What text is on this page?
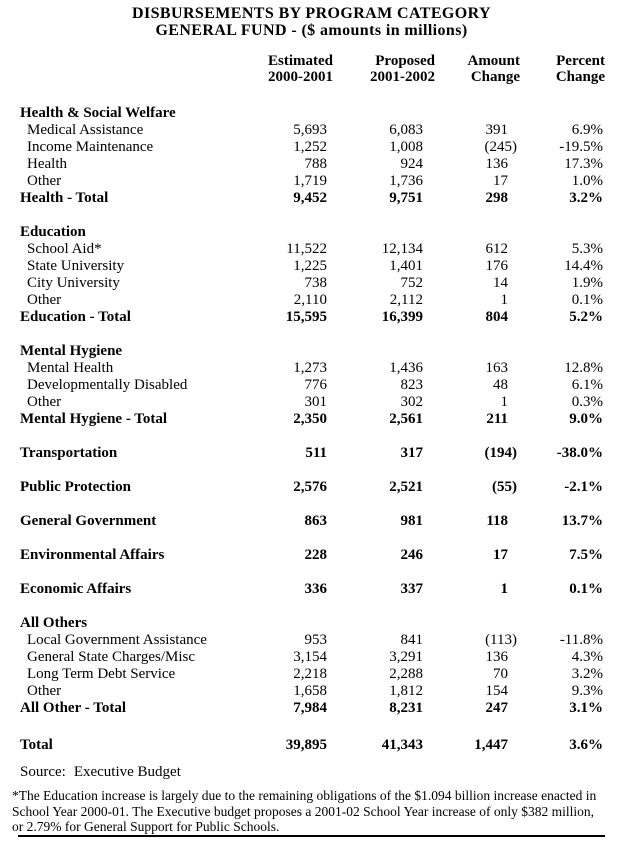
DISBURSEMENTS BY PROGRAM CATEGORY
GENERAL FUND - ($ amounts in millions)

Estimated
2000-2001

Proposed
2001-2002

Amount
Change

Percent
Change

Health & Social Welfare				
Medical Assistance	5,693	6,083	391	6.9%
Income Maintenance	1,252	1,008	(245)	-19.5%
Health	788	924	136	17.3%
Other	1,719	1,736	17	1.0%
Health - Total	9,452	9,751	298	3.2%

Education				
School Aid*	11,522	12,134	612	5.3%
State University	1,225	1,401	176	14.4%
City University	738	752	14	1.9%
Other	2,110	2,112	1	0.1%
Education - Total	15,595	16,399	804	5.2%

Mental Hygiene				
Mental Health	1,273	1,436	163	12.8%
Developmentally Disabled	776	823	48	6.1%
Other	301	302	1	0.3%
Mental Hygiene - Total	2,350	2,561	211	9.0%

Transportation	511	317	(194)	-38.0%

Public Protection	2,576	2,521	(55)	-2.1%

General Government	863	981	118	13.7%

Environmental Affairs	228	246	17	7.5%

Economic Affairs	336	337	1	0.1%

All Others				
Local Government Assistance	953	841	(113)	-11.8%
General State Charges/Misc	3,154	3,291	136	4.3%
Long Term Debt Service	2,218	2,288	70	3.2%
Other	1,658	1,812	154	9.3%
All Other - Total	7,984	8,231	247	3.1%

Total	39,895	41,343	1,447	3.6%
Source: Executive Budget
*The Education increase is largely due to the remaining obligations of the $1.094 billion increase enacted in School Year 2000-01. The Executive budget proposes a 2001-02 School Year increase of only $382 million, or 2.79% for General Support for Public Schools.
